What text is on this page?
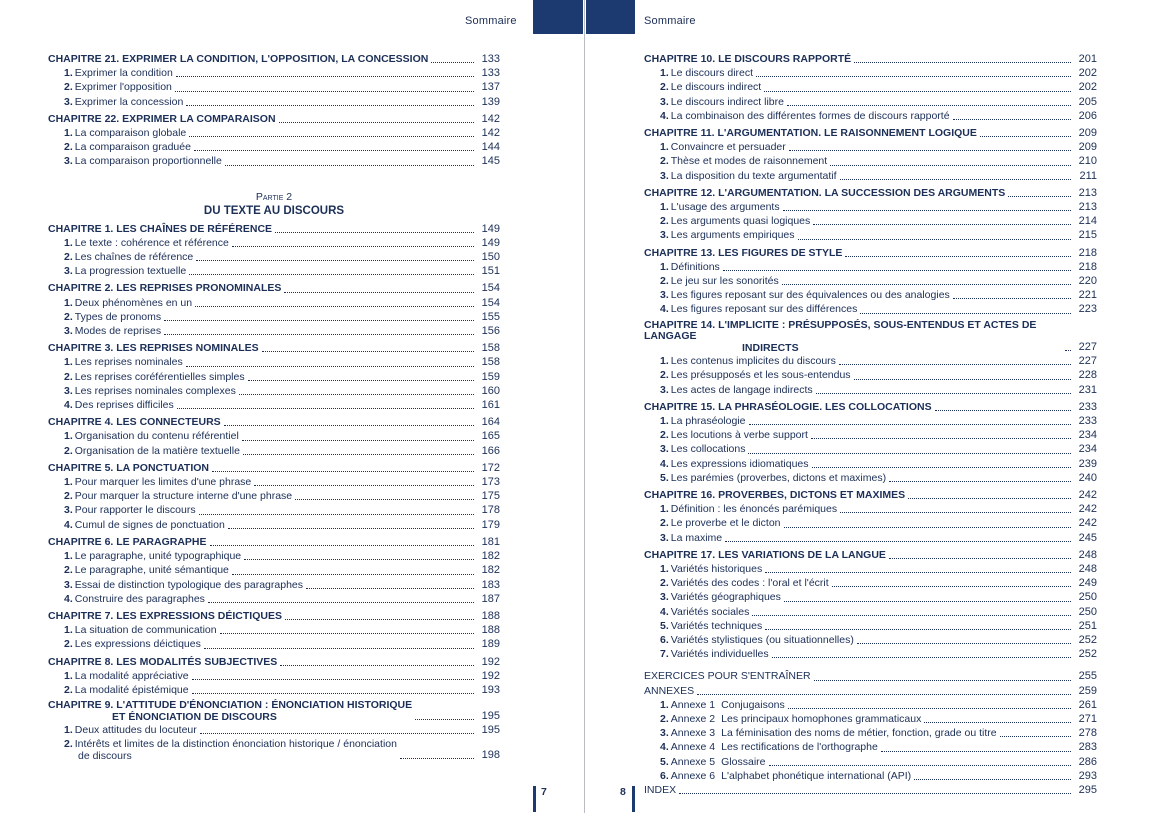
Sommaire	Sommaire
CHAPITRE 21. EXPRIMER LA CONDITION, L'OPPOSITION, LA CONCESSION	133
1. Exprimer la condition	133
2. Exprimer l'opposition	137
3. Exprimer la concession	139
CHAPITRE 22. EXPRIMER LA COMPARAISON	142
1. La comparaison globale	142
2. La comparaison graduée	144
3. La comparaison proportionnelle	145
Partie 2
DU TEXTE AU DISCOURS
CHAPITRE 1. LES CHAÎNES DE RÉFÉRENCE	149
1. Le texte : cohérence et référence	149
2. Les chaînes de référence	150
3. La progression textuelle	151
CHAPITRE 2. LES REPRISES PRONOMINALES	154
1. Deux phénomènes en un	154
2. Types de pronoms	155
3. Modes de reprises	156
CHAPITRE 3. LES REPRISES NOMINALES	158
1. Les reprises nominales	158
2. Les reprises coréférentielles simples	159
3. Les reprises nominales complexes	160
4. Des reprises difficiles	161
CHAPITRE 4. LES CONNECTEURS	164
1. Organisation du contenu référentiel	165
2. Organisation de la matière textuelle	166
CHAPITRE 5. LA PONCTUATION	172
1. Pour marquer les limites d'une phrase	173
2. Pour marquer la structure interne d'une phrase	175
3. Pour rapporter le discours	178
4. Cumul de signes de ponctuation	179
CHAPITRE 6. LE PARAGRAPHE	181
1. Le paragraphe, unité typographique	182
2. Le paragraphe, unité sémantique	182
3. Essai de distinction typologique des paragraphes	183
4. Construire des paragraphes	187
CHAPITRE 7. LES EXPRESSIONS DÉICTIQUES	188
1. La situation de communication	188
2. Les expressions déictiques	189
CHAPITRE 8. LES MODALITÉS SUBJECTIVES	192
1. La modalité appréciative	192
2. La modalité épistémique	193
CHAPITRE 9. L'ATTITUDE D'ÉNONCIATION : ÉNONCIATION HISTORIQUE
ET ÉNONCIATION DE DISCOURS	195
1. Deux attitudes du locuteur	195
2. Intérêts et limites de la distinction énonciation historique / énonciation
de discours	198
CHAPITRE 10. LE DISCOURS RAPPORTÉ	201
1. Le discours direct	202
2. Le discours indirect	202
3. Le discours indirect libre	205
4. La combinaison des différentes formes de discours rapporté	206
CHAPITRE 11. L'ARGUMENTATION. LE RAISONNEMENT LOGIQUE	209
1. Convaincre et persuader	209
2. Thèse et modes de raisonnement	210
3. La disposition du texte argumentatif	211
CHAPITRE 12. L'ARGUMENTATION. LA SUCCESSION DES ARGUMENTS	213
1. L'usage des arguments	213
2. Les arguments quasi logiques	214
3. Les arguments empiriques	215
CHAPITRE 13. LES FIGURES DE STYLE	218
1. Définitions	218
2. Le jeu sur les sonorités	220
3. Les figures reposant sur des équivalences ou des analogies	221
4. Les figures reposant sur des différences	223
CHAPITRE 14. L'IMPLICITE : PRÉSUPPOSÉS, SOUS-ENTENDUS ET ACTES DE LANGAGE
INDIRECTS	227
1. Les contenus implicites du discours	227
2. Les présupposés et les sous-entendus	228
3. Les actes de langage indirects	231
CHAPITRE 15. LA PHRASÉOLOGIE. LES COLLOCATIONS	233
1. La phraséologie	233
2. Les locutions à verbe support	234
3. Les collocations	234
4. Les expressions idiomatiques	239
5. Les parémies (proverbes, dictons et maximes)	240
CHAPITRE 16. PROVERBES, DICTONS ET MAXIMES	242
1. Définition : les énoncés parémiques	242
2. Le proverbe et le dicton	242
3. La maxime	245
CHAPITRE 17. LES VARIATIONS DE LA LANGUE	248
1. Variétés historiques	248
2. Variétés des codes : l'oral et l'écrit	249
3. Variétés géographiques	250
4. Variétés sociales	250
5. Variétés techniques	251
6. Variétés stylistiques (ou situationnelles)	252
7. Variétés individuelles	252
EXERCICES POUR S'ENTRAÎNER	255
ANNEXES	259
1. Annexe 1 Conjugaisons	261
2. Annexe 2 Les principaux homophones grammaticaux	271
3. Annexe 3 La féminisation des noms de métier, fonction, grade ou titre	278
4. Annexe 4 Les rectifications de l'orthographe	283
5. Annexe 5 Glossaire	286
6. Annexe 6 L'alphabet phonétique international (API)	293
INDEX	295
7	8
